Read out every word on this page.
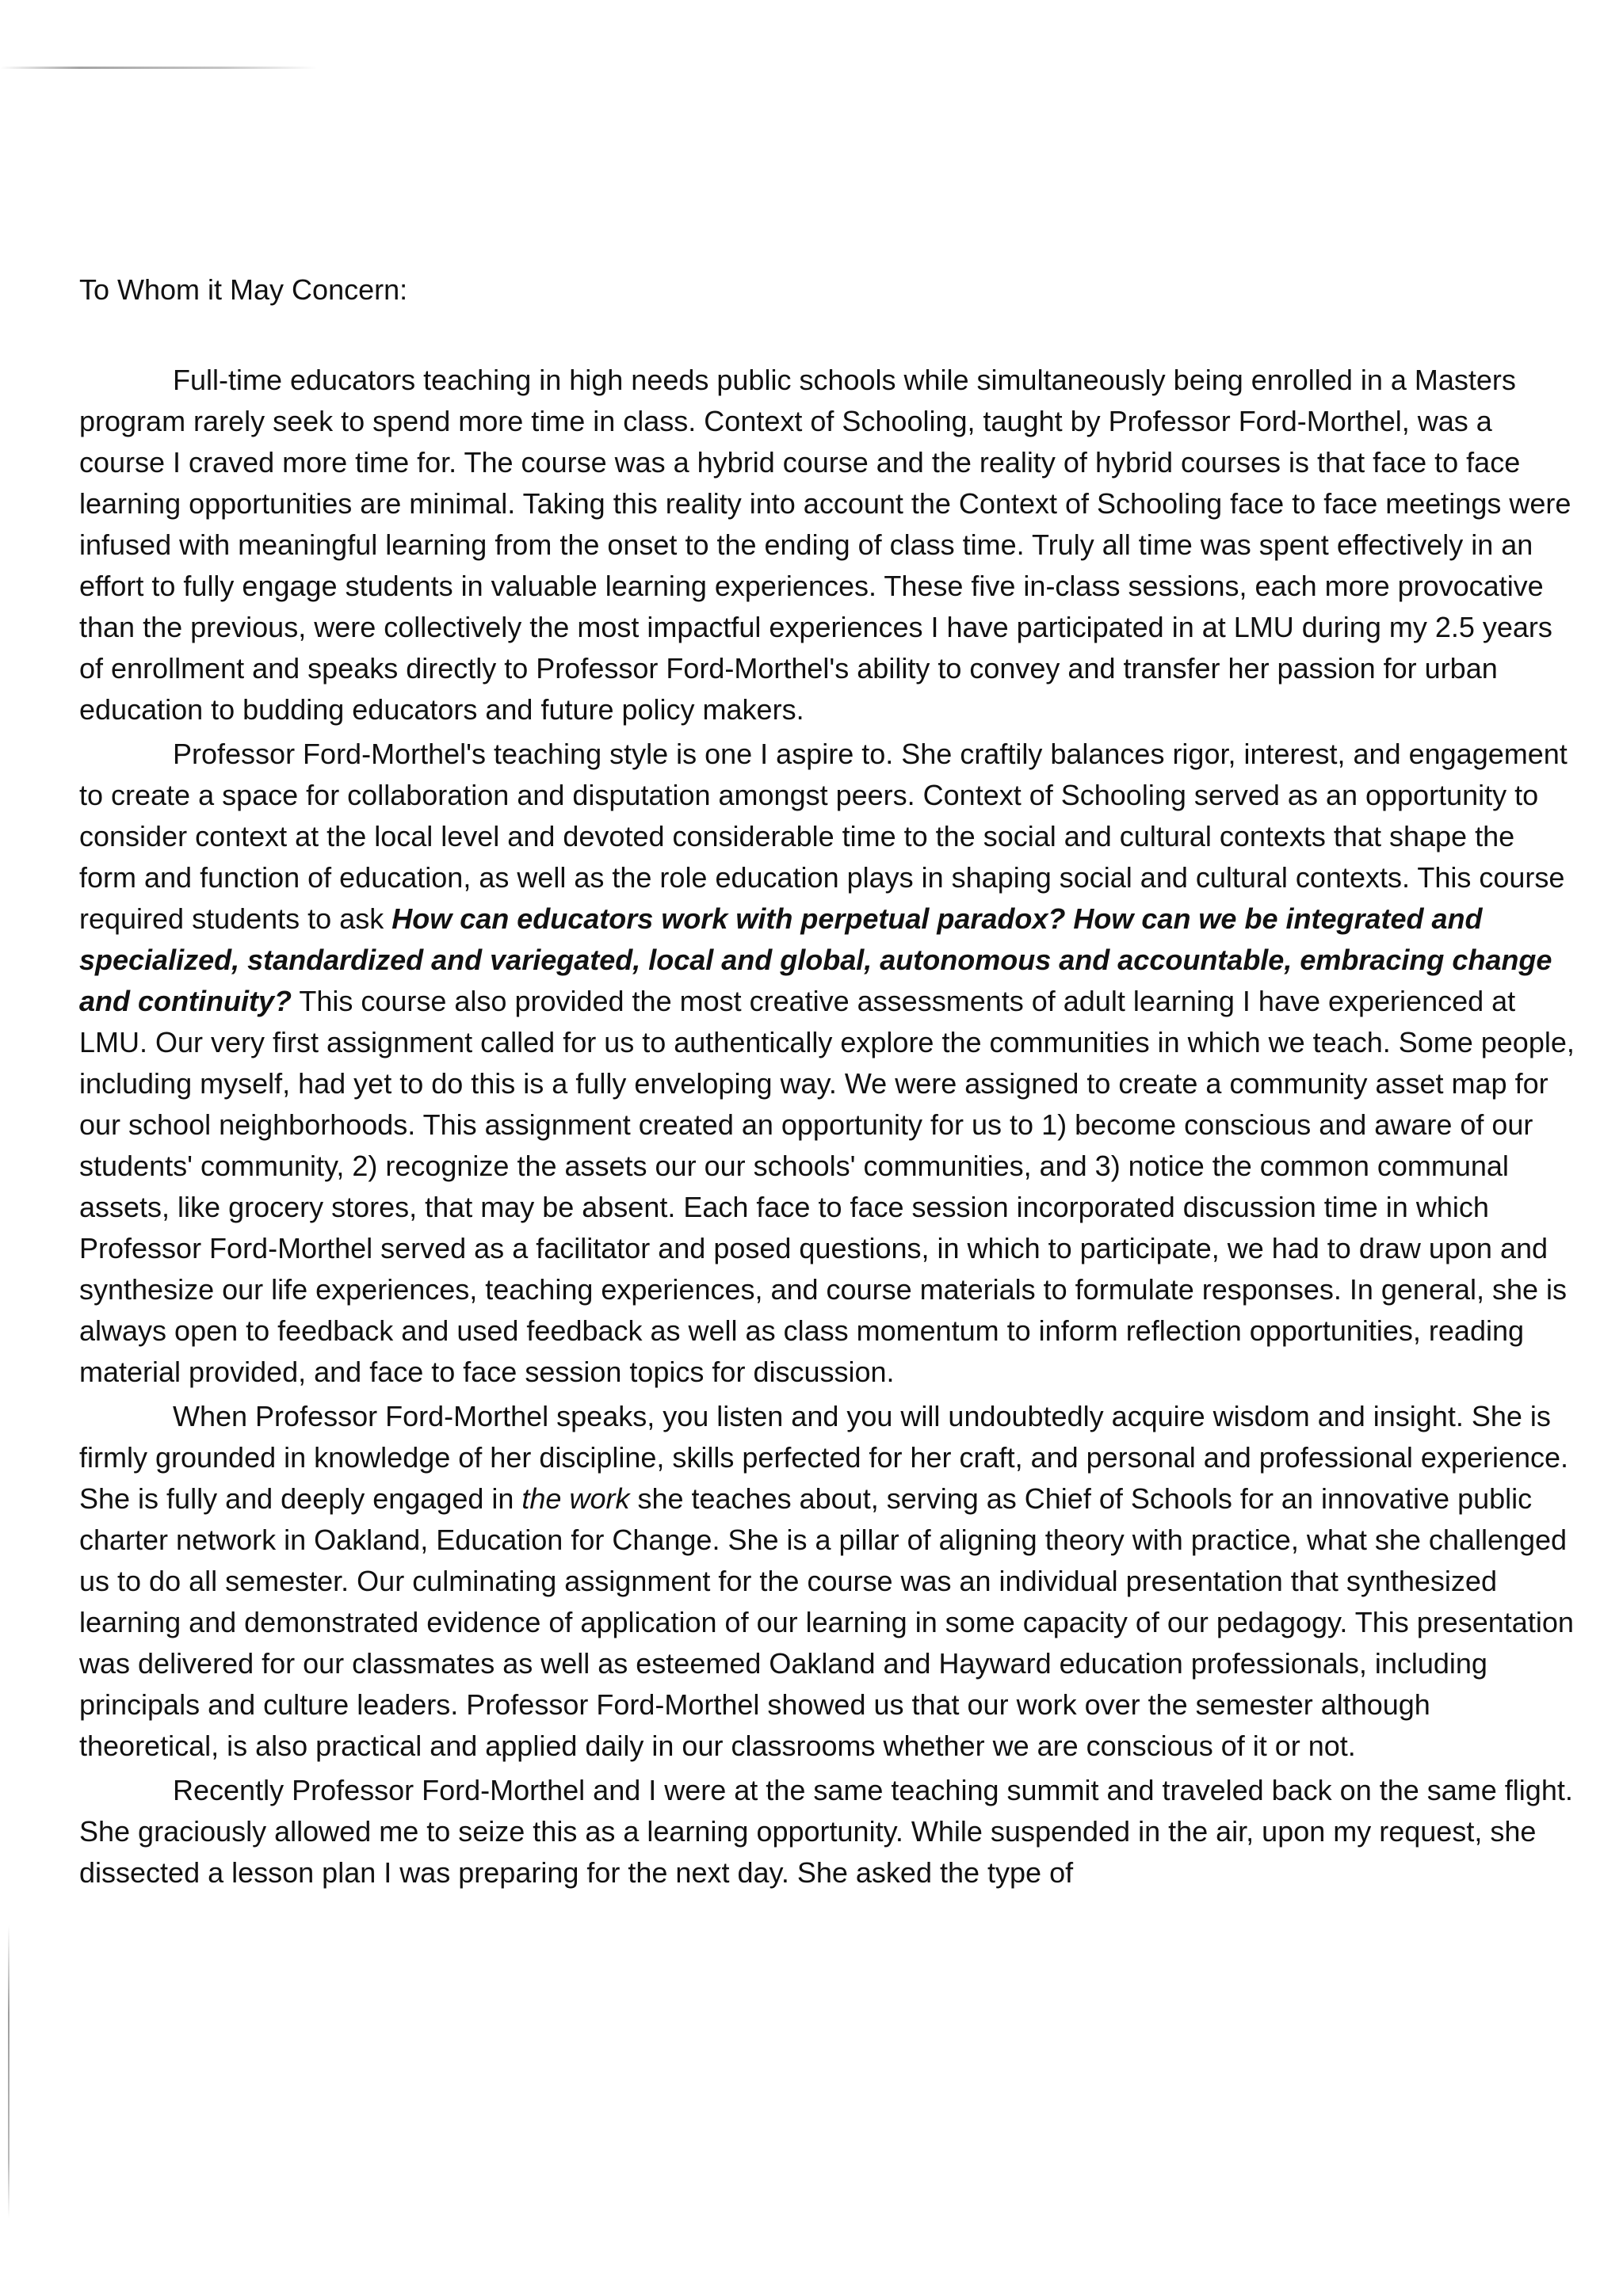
To Whom it May Concern:

Full-time educators teaching in high needs public schools while simultaneously being enrolled in a Masters program rarely seek to spend more time in class. Context of Schooling, taught by Professor Ford-Morthel, was a course I craved more time for. The course was a hybrid course and the reality of hybrid courses is that face to face learning opportunities are minimal. Taking this reality into account the Context of Schooling face to face meetings were infused with meaningful learning from the onset to the ending of class time. Truly all time was spent effectively in an effort to fully engage students in valuable learning experiences. These five in-class sessions, each more provocative than the previous, were collectively the most impactful experiences I have participated in at LMU during my 2.5 years of enrollment and speaks directly to Professor Ford-Morthel's ability to convey and transfer her passion for urban education to budding educators and future policy makers.

Professor Ford-Morthel's teaching style is one I aspire to. She craftily balances rigor, interest, and engagement to create a space for collaboration and disputation amongst peers. Context of Schooling served as an opportunity to consider context at the local level and devoted considerable time to the social and cultural contexts that shape the form and function of education, as well as the role education plays in shaping social and cultural contexts. This course required students to ask How can educators work with perpetual paradox? How can we be integrated and specialized, standardized and variegated, local and global, autonomous and accountable, embracing change and continuity? This course also provided the most creative assessments of adult learning I have experienced at LMU. Our very first assignment called for us to authentically explore the communities in which we teach. Some people, including myself, had yet to do this is a fully enveloping way. We were assigned to create a community asset map for our school neighborhoods. This assignment created an opportunity for us to 1) become conscious and aware of our students' community, 2) recognize the assets our our schools' communities, and 3) notice the common communal assets, like grocery stores, that may be absent. Each face to face session incorporated discussion time in which Professor Ford-Morthel served as a facilitator and posed questions, in which to participate, we had to draw upon and synthesize our life experiences, teaching experiences, and course materials to formulate responses. In general, she is always open to feedback and used feedback as well as class momentum to inform reflection opportunities, reading material provided, and face to face session topics for discussion.

When Professor Ford-Morthel speaks, you listen and you will undoubtedly acquire wisdom and insight. She is firmly grounded in knowledge of her discipline, skills perfected for her craft, and personal and professional experience. She is fully and deeply engaged in the work she teaches about, serving as Chief of Schools for an innovative public charter network in Oakland, Education for Change. She is a pillar of aligning theory with practice, what she challenged us to do all semester. Our culminating assignment for the course was an individual presentation that synthesized learning and demonstrated evidence of application of our learning in some capacity of our pedagogy. This presentation was delivered for our classmates as well as esteemed Oakland and Hayward education professionals, including principals and culture leaders. Professor Ford-Morthel showed us that our work over the semester although theoretical, is also practical and applied daily in our classrooms whether we are conscious of it or not.

Recently Professor Ford-Morthel and I were at the same teaching summit and traveled back on the same flight. She graciously allowed me to seize this as a learning opportunity. While suspended in the air, upon my request, she dissected a lesson plan I was preparing for the next day. She asked the type of
